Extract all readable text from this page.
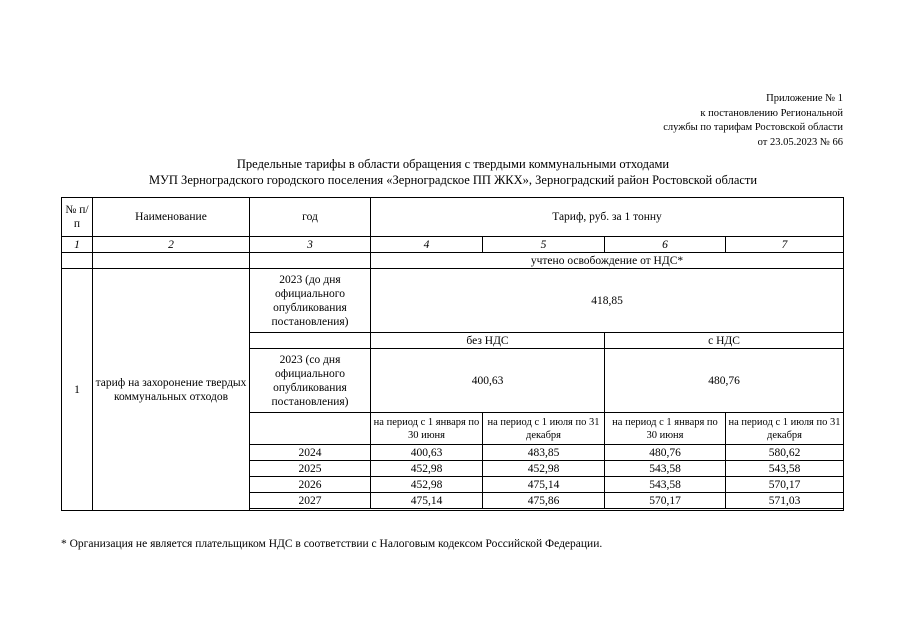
Приложение № 1
к постановлению Региональной
службы по тарифам Ростовской области
от 23.05.2023 № 66
Предельные тарифы в области обращения с твердыми коммунальными отходами
МУП Зерноградского городского поселения «Зерноградское ПП ЖКХ», Зерноградский район Ростовской области
№ п/п	Наименование	год	Тариф, руб. за 1 тонну			
1	2	3	4	5	6	7
			учтено освобождение от НДС*			
1	тариф на захоронение твердых коммунальных отходов	2023 (до дня официального опубликования постановления)	418,85			
			без НДС		с НДС	
		2023 (со дня официального опубликования постановления)	400,63		480,76	
			на период с 1 января по 30 июня	на период с 1 июля по 31 декабря	на период с 1 января по 30 июня	на период с 1 июля по 31 декабря
		2024	400,63	483,85	480,76	580,62
		2025	452,98	452,98	543,58	543,58
		2026	452,98	475,14	543,58	570,17
		2027	475,14	475,86	570,17	571,03

* Организация не является плательщиком НДС в соответствии с Налоговым кодексом Российской Федерации.
